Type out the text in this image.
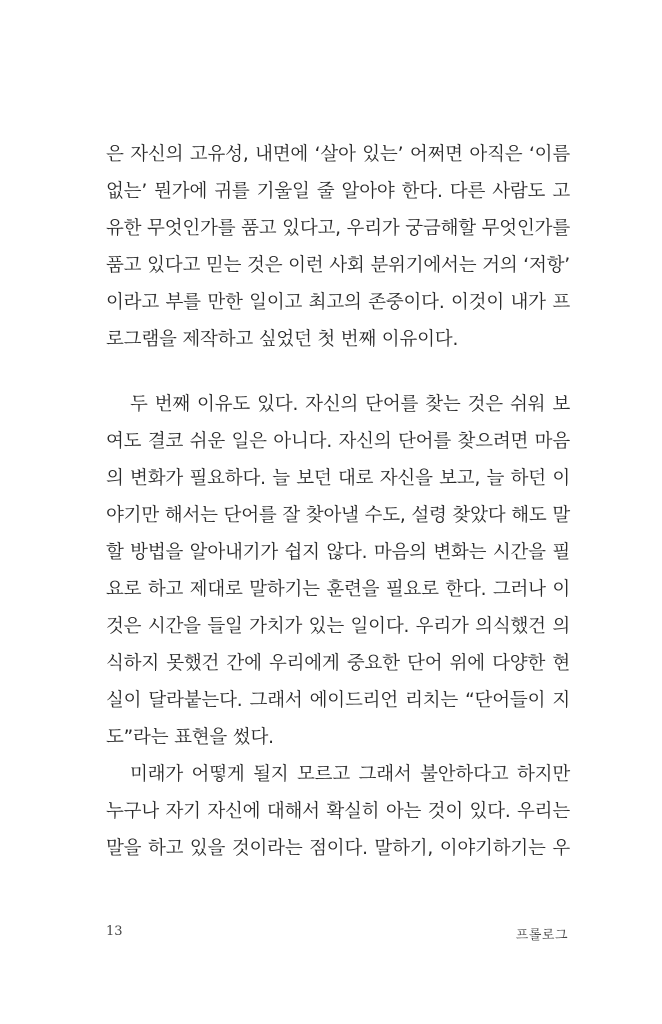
은 자신의 고유성, 내면에 ‘살아 있는’ 어쩌면 아직은 ‘이름
없는’ 뭔가에 귀를 기울일 줄 알아야 한다. 다른 사람도 고
유한 무엇인가를 품고 있다고, 우리가 궁금해할 무엇인가를
품고 있다고 믿는 것은 이런 사회 분위기에서는 거의 ‘저항’
이라고 부를 만한 일이고 최고의 존중이다. 이것이 내가 프
로그램을 제작하고 싶었던 첫 번째 이유이다.
두 번째 이유도 있다. 자신의 단어를 찾는 것은 쉬워 보
여도 결코 쉬운 일은 아니다. 자신의 단어를 찾으려면 마음
의 변화가 필요하다. 늘 보던 대로 자신을 보고, 늘 하던 이
야기만 해서는 단어를 잘 찾아낼 수도, 설령 찾았다 해도 말
할 방법을 알아내기가 쉽지 않다. 마음의 변화는 시간을 필
요로 하고 제대로 말하기는 훈련을 필요로 한다. 그러나 이
것은 시간을 들일 가치가 있는 일이다. 우리가 의식했건 의
식하지 못했건 간에 우리에게 중요한 단어 위에 다양한 현
실이 달라붙는다. 그래서 에이드리언 리치는 “단어들이 지
도”라는 표현을 썼다.
미래가 어떻게 될지 모르고 그래서 불안하다고 하지만
누구나 자기 자신에 대해서 확실히 아는 것이 있다. 우리는
말을 하고 있을 것이라는 점이다. 말하기, 이야기하기는 우
13	프롤로그
